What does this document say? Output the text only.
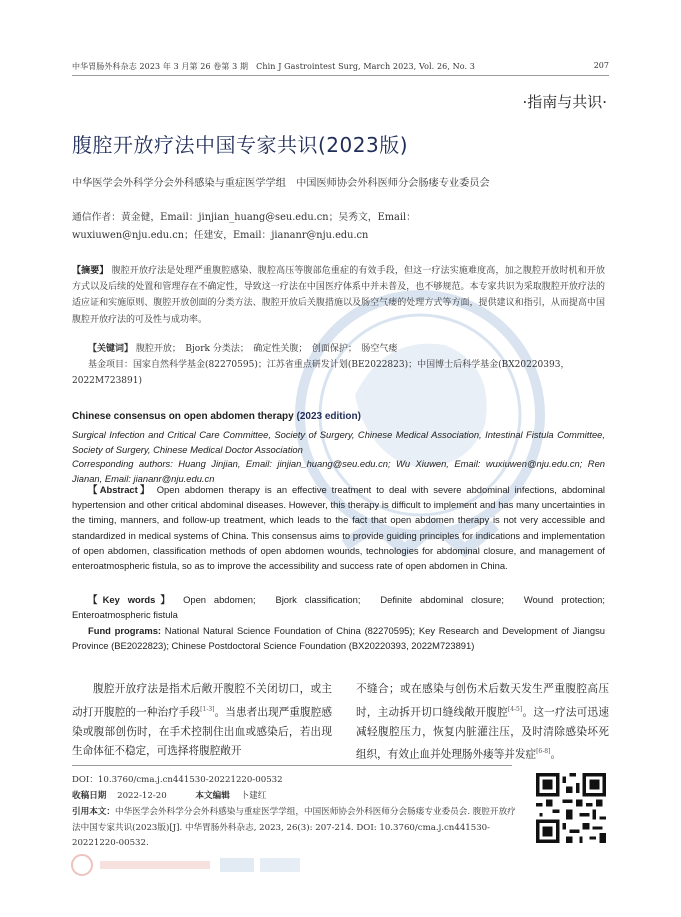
中华胃肠外科杂志 2023 年 3 月第 26 卷第 3 期　Chin J Gastrointest Surg, March 2023, Vol. 26, No. 3	207
·指南与共识·
腹腔开放疗法中国专家共识(2023版)
中华医学会外科学分会外科感染与重症医学学组　中国医师协会外科医师分会肠瘘专业委员会
通信作者：黄金健，Email：jinjian_huang@seu.edu.cn；吴秀文，Email：wuxiuwen@nju.edu.cn；任建安，Email：jiananr@nju.edu.cn
【摘要】 腹腔开放疗法是处理严重腹腔感染、腹腔高压等腹部危重症的有效手段，但这一疗法实施难度高，加之腹腔开放时机和开放方式以及后续的处置和管理存在不确定性，导致这一疗法在中国医疗体系中并未普及，也不够规范。本专家共识为采取腹腔开放疗法的适应证和实施原则、腹腔开放创面的分类方法、腹腔开放后关腹措施以及肠空气瘘的处理方式等方面，提供建议和指引，从而提高中国腹腔开放疗法的可及性与成功率。
【关键词】 腹腔开放；　Bjork 分类法；　确定性关腹；　创面保护；　肠空气瘘
基金项目：国家自然科学基金(82270595)；江苏省重点研发计划(BE2022823)；中国博士后科学基金(BX20220393，2022M723891)
Chinese consensus on open abdomen therapy (2023 edition)
Surgical Infection and Critical Care Committee, Society of Surgery, Chinese Medical Association, Intestinal Fistula Committee, Society of Surgery, Chinese Medical Doctor Association
Corresponding authors: Huang Jinjian, Email: jinjian_huang@seu.edu.cn; Wu Xiuwen, Email: wuxiuwen@nju.edu.cn; Ren Jianan, Email: jiananr@nju.edu.cn
【Abstract】 Open abdomen therapy is an effective treatment to deal with severe abdominal infections, abdominal hypertension and other critical abdominal diseases. However, this therapy is difficult to implement and has many uncertainties in the timing, manners, and follow-up treatment, which leads to the fact that open abdomen therapy is not very accessible and standardized in medical systems of China. This consensus aims to provide guiding principles for indications and implementation of open abdomen, classification methods of open abdomen wounds, technologies for abdominal closure, and management of enteroatmospheric fistula, so as to improve the accessibility and success rate of open abdomen in China.
【Key words】 Open abdomen;　Bjork classification;　Definite abdominal closure;　Wound protection;　Enteroatmospheric fistula
Fund programs: National Natural Science Foundation of China (82270595); Key Research and Development of Jiangsu Province (BE2022823); Chinese Postdoctoral Science Foundation (BX20220393, 2022M723891)
腹腔开放疗法是指术后敞开腹腔不关闭切口，或主动打开腹腔的一种治疗手段[1-3]。当患者出现严重腹腔感染或腹部创伤时，在手术控制住出血或感染后，若出现生命体征不稳定，可选择将腹腔敞开
不缝合；或在感染与创伤术后数天发生严重腹腔高压时，主动拆开切口缝线敞开腹腔[4-5]。这一疗法可迅速减轻腹腔压力，恢复内脏灌注压，及时清除感染坏死组织，有效止血并处理肠外瘘等并发症[6-8]。
DOI：10.3760/cma.j.cn441530-20221220-00532
收稿日期 2022-12-20	本文编辑 卜建红
引用本文：中华医学会外科学分会外科感染与重症医学学组，中国医师协会外科医师分会肠瘘专业委员会. 腹腔开放疗法中国专家共识(2023版)[J]. 中华胃肠外科杂志, 2023, 26(3): 207-214. DOI: 10.3760/cma.j.cn441530-20221220-00532.
